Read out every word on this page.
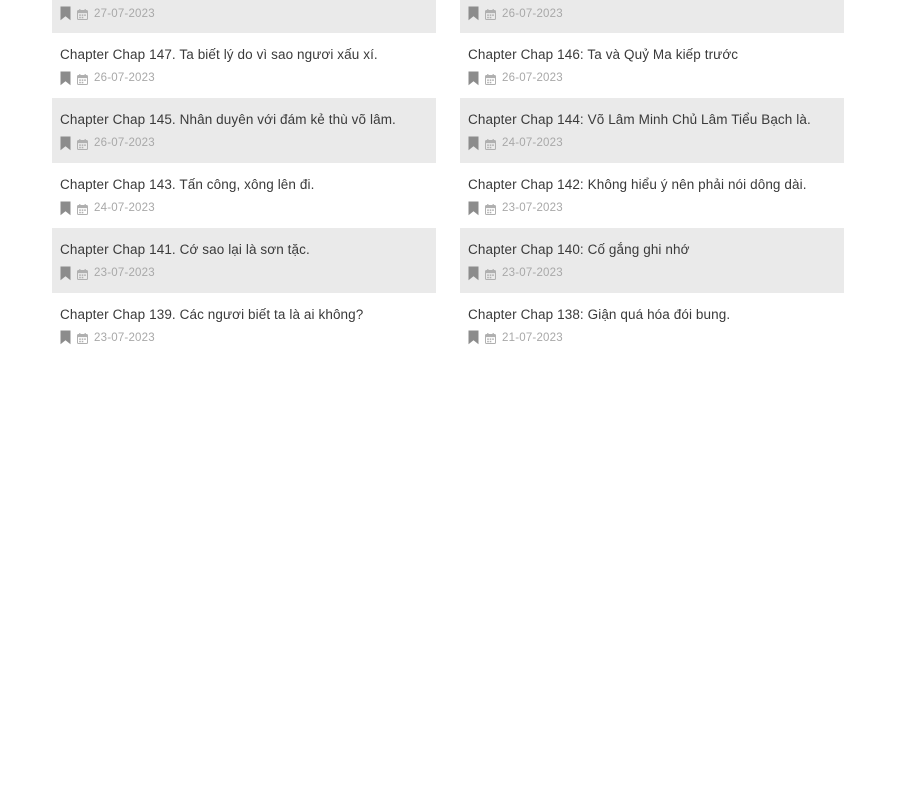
27-07-2023
Chapter Chap 147. Ta biết lý do vì sao ngươi xấu xí.
26-07-2023
Chapter Chap 145. Nhân duyên với đám kẻ thù võ lâm.
26-07-2023
Chapter Chap 143. Tấn công, xông lên đi.
24-07-2023
Chapter Chap 141. Cớ sao lại là sơn tặc.
23-07-2023
Chapter Chap 139. Các ngươi biết ta là ai không?
23-07-2023
26-07-2023
Chapter Chap 146: Ta và Quỷ Ma kiếp trước
26-07-2023
Chapter Chap 144: Võ Lâm Minh Chủ Lâm Tiểu Bạch là.
24-07-2023
Chapter Chap 142: Không hiểu ý nên phải nói dông dài.
23-07-2023
Chapter Chap 140: Cố gắng ghi nhớ
23-07-2023
Chapter Chap 138: Giận quá hóa đói bung.
21-07-2023
